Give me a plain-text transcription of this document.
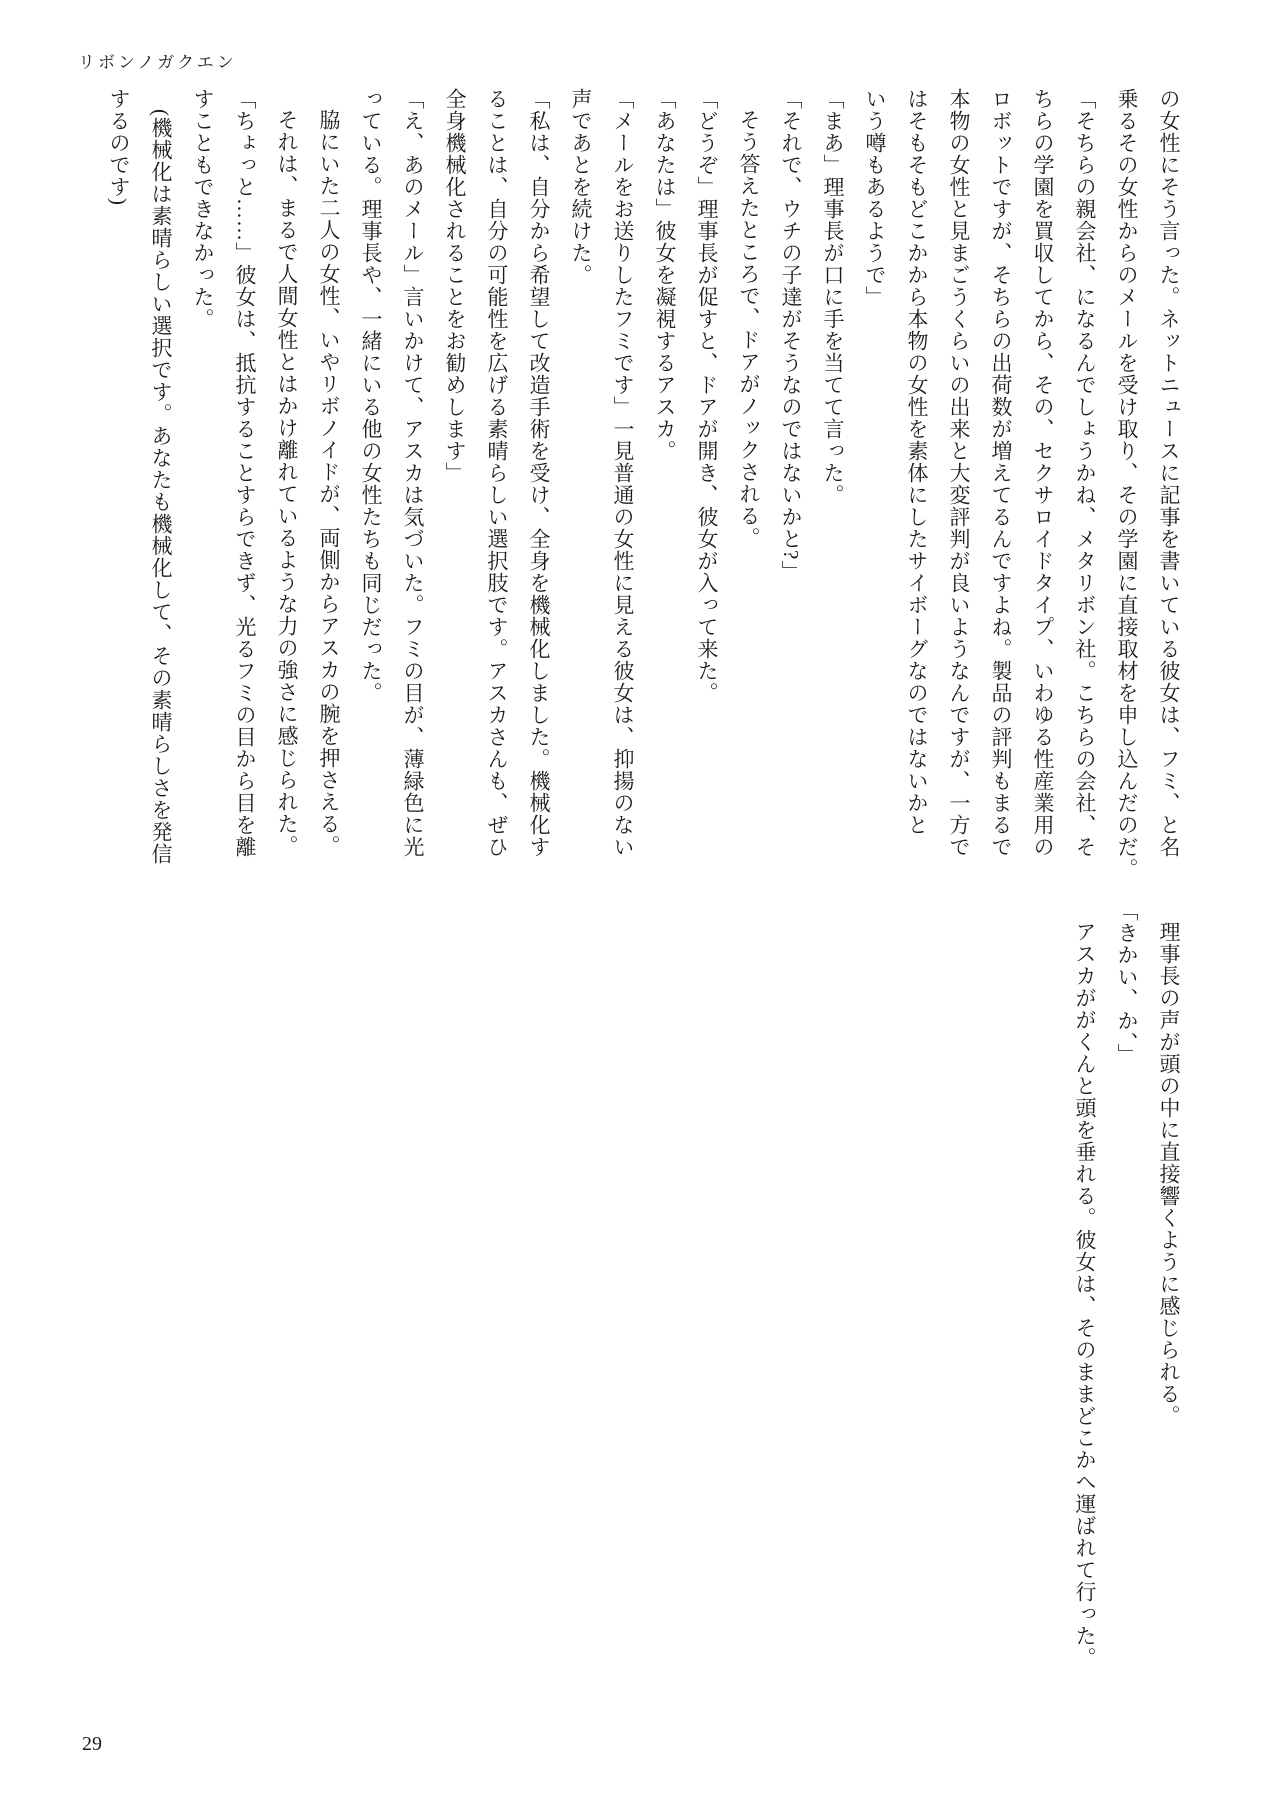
リボンノガクエン
の女性にそう言った。ネットニュースに記事を書いている彼女は、フミ、と名
乗るその女性からのメールを受け取り、その学園に直接取材を申し込んだのだ。
「そちらの親会社、になるんでしょうかね、メタリボン社。こちらの会社、そ
ちらの学園を買収してから、その、セクサロイドタイプ、いわゆる性産業用の
ロボットですが、そちらの出荷数が増えてるんですよね。製品の評判もまるで
本物の女性と見まごうくらいの出来と大変評判が良いようなんですが、一方で
はそもそもどこかから本物の女性を素体にしたサイボーグなのではないかと
いう噂もあるようで」
「まあ」理事長が口に手を当てて言った。
「それで、ウチの子達がそうなのではないかと?」
そう答えたところで、ドアがノックされる。
「どうぞ」理事長が促すと、ドアが開き、彼女が入って来た。
「あなたは」彼女を凝視するアスカ。
「メールをお送りしたフミです」一見普通の女性に見える彼女は、抑揚のない
声であとを続けた。
「私は、自分から希望して改造手術を受け、全身を機械化しました。機械化す
ることは、自分の可能性を広げる素晴らしい選択肢です。アスカさんも、ぜひ
全身機械化されることをお勧めします」
「え、あのメール」言いかけて、アスカは気づいた。フミの目が、薄緑色に光
っている。理事長や、一緒にいる他の女性たちも同じだった。
脇にいた二人の女性、いやリボノイドが、両側からアスカの腕を押さえる。
それは、まるで人間女性とはかけ離れているような力の強さに感じられた。
「ちょっと……」彼女は、抵抗することすらできず、光るフミの目から目を離
すこともできなかった。
(機械化は素晴らしい選択です。あなたも機械化して、その素晴らしさを発信
するのです)
理事長の声が頭の中に直接響くように感じられる。
「きかい、か、」
アスカががくんと頭を垂れる。彼女は、そのままどこかへ運ばれて行った。
29
